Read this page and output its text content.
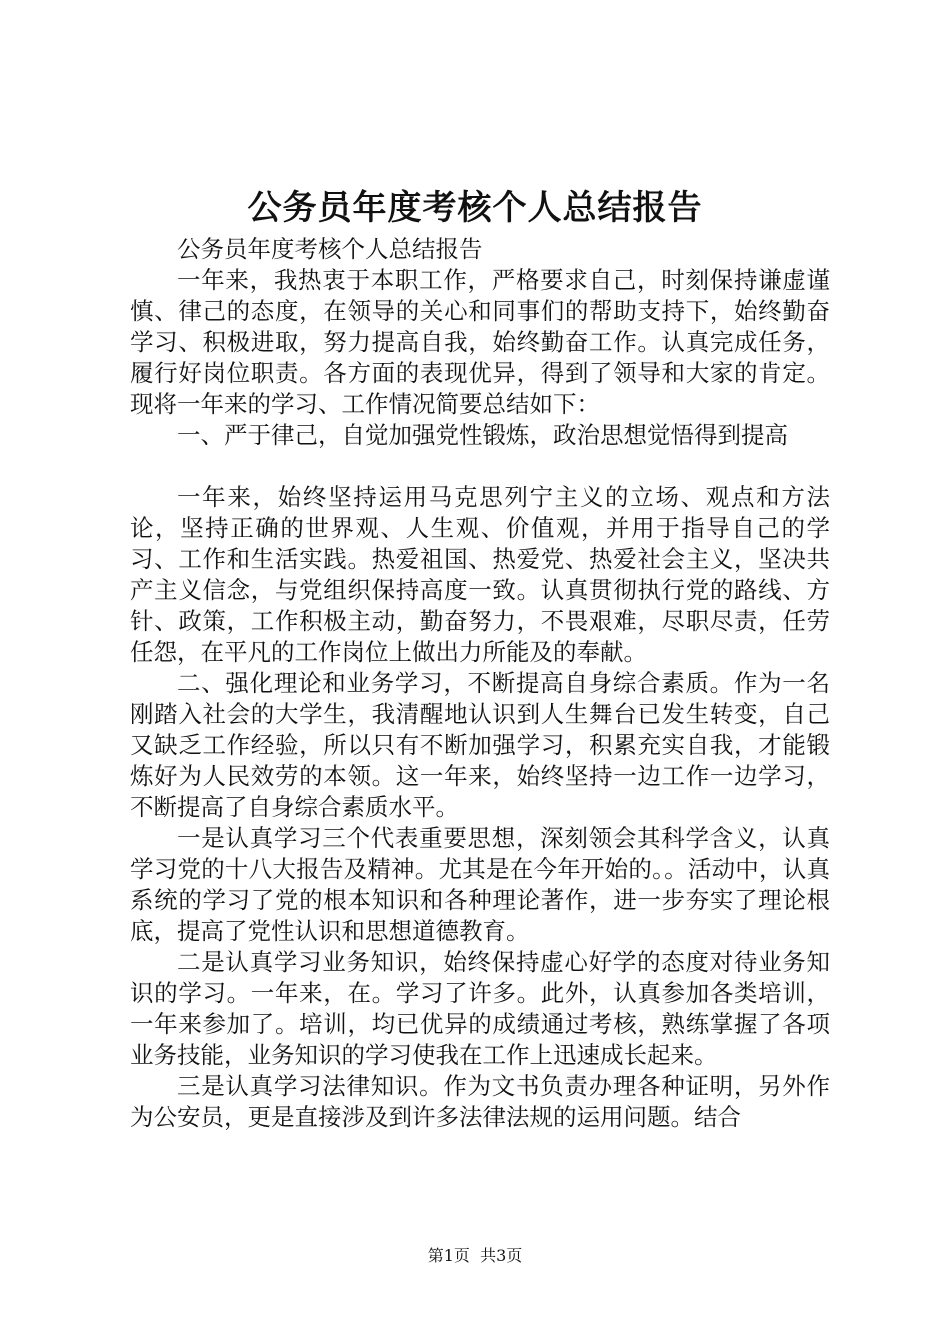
公务员年度考核个人总结报告

公务员年度考核个人总结报告

一年来，我热衷于本职工作，严格要求自己，时刻保持谦虚谨慎、律己的态度，在领导的关心和同事们的帮助支持下，始终勤奋学习、积极进取，努力提高自我，始终勤奋工作。认真完成任务，履行好岗位职责。各方面的表现优异，得到了领导和大家的肯定。现将一年来的学习、工作情况简要总结如下：

一、严于律己，自觉加强党性锻炼，政治思想觉悟得到提高

一年来，始终坚持运用马克思列宁主义的立场、观点和方法论，坚持正确的世界观、人生观、价值观，并用于指导自己的学习、工作和生活实践。热爱祖国、热爱党、热爱社会主义，坚决共产主义信念，与党组织保持高度一致。认真贯彻执行党的路线、方针、政策，工作积极主动，勤奋努力，不畏艰难，尽职尽责，任劳任怨，在平凡的工作岗位上做出力所能及的奉献。

二、强化理论和业务学习，不断提高自身综合素质。作为一名刚踏入社会的大学生，我清醒地认识到人生舞台已发生转变，自己又缺乏工作经验，所以只有不断加强学习，积累充实自我，才能锻炼好为人民效劳的本领。这一年来，始终坚持一边工作一边学习，不断提高了自身综合素质水平。

一是认真学习三个代表重要思想，深刻领会其科学含义，认真学习党的十八大报告及精神。尤其是在今年开始的。。活动中，认真系统的学习了党的根本知识和各种理论著作，进一步夯实了理论根底，提高了党性认识和思想道德教育。

二是认真学习业务知识，始终保持虚心好学的态度对待业务知识的学习。一年来，在。学习了许多。此外，认真参加各类培训，一年来参加了。培训，均已优异的成绩通过考核，熟练掌握了各项业务技能，业务知识的学习使我在工作上迅速成长起来。

三是认真学习法律知识。作为文书负责办理各种证明，另外作为公安员，更是直接涉及到许多法律法规的运用问题。结合

第1页 共3页
